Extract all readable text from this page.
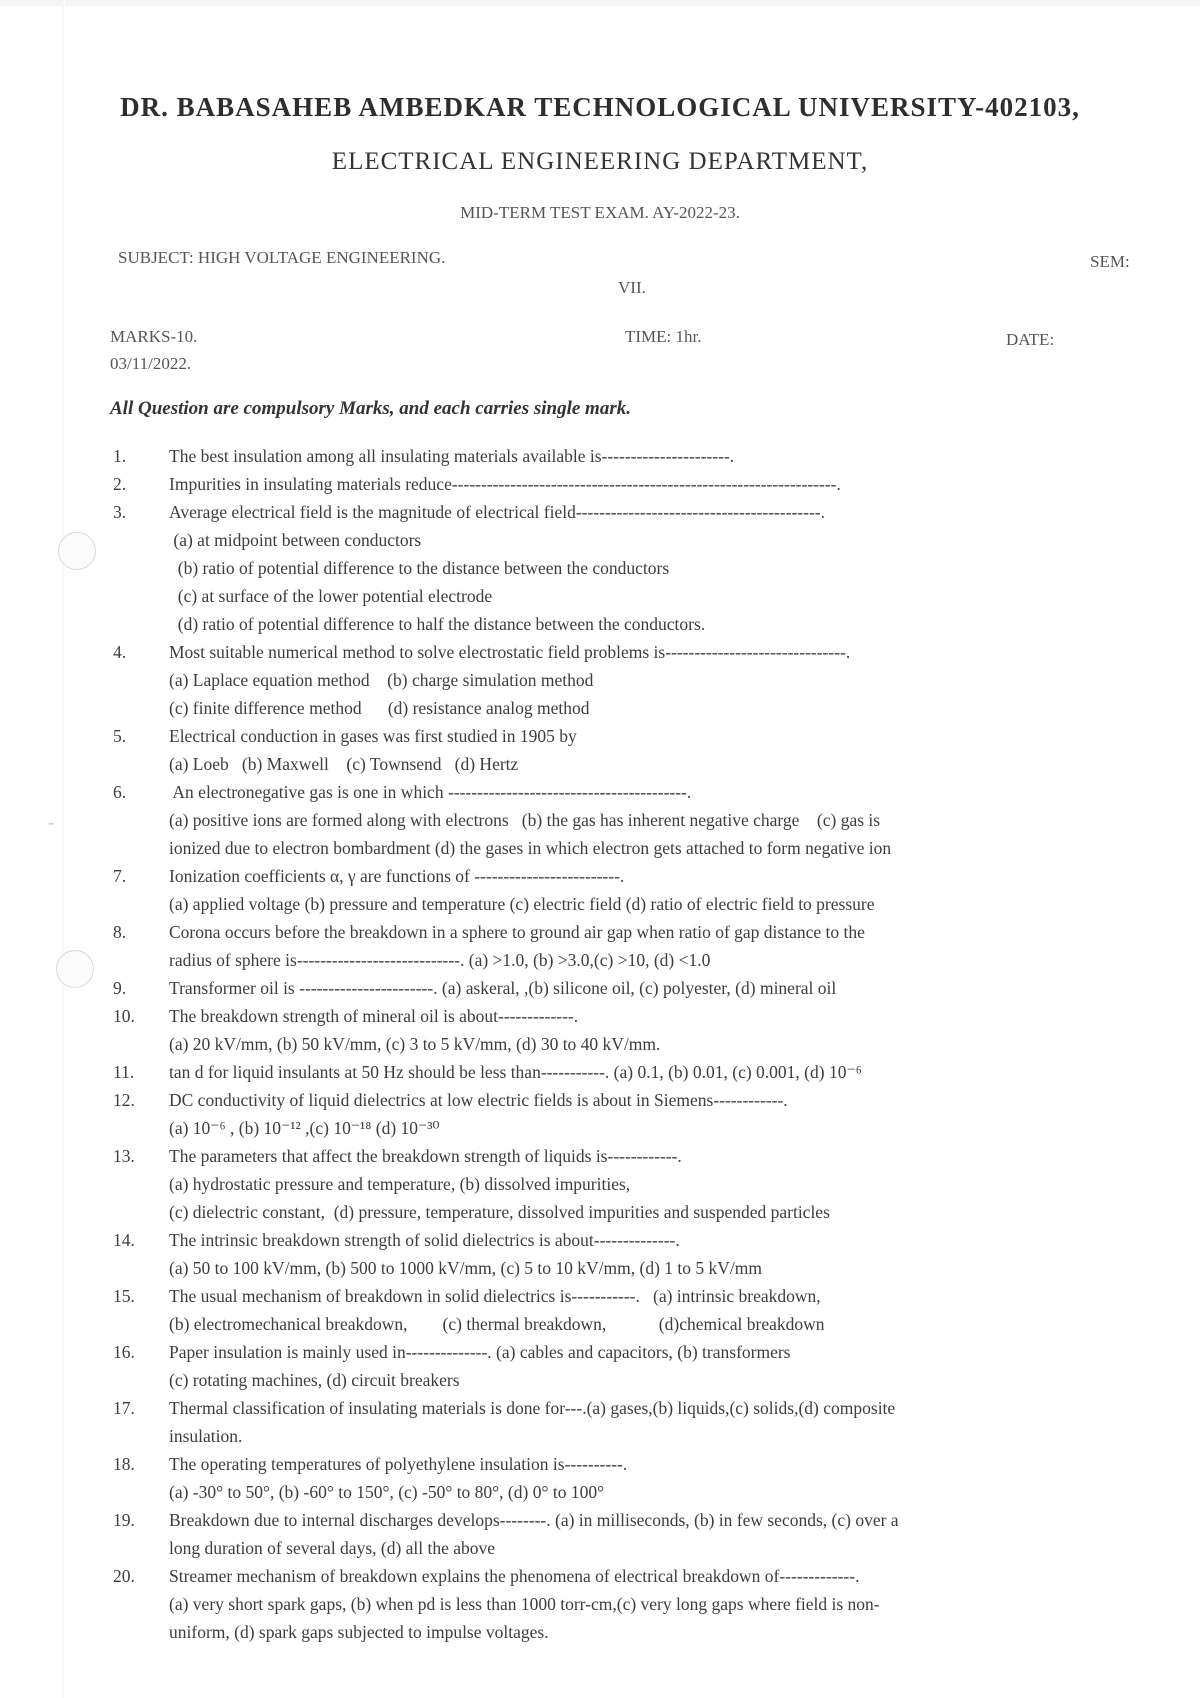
-
DR. BABASAHEB AMBEDKAR TECHNOLOGICAL UNIVERSITY-402103,
ELECTRICAL ENGINEERING DEPARTMENT,
MID-TERM TEST EXAM. AY-2022-23.
SUBJECT: HIGH VOLTAGE ENGINEERING.	SEM:
VII.
MARKS-10.	TIME: 1hr.	DATE:
03/11/2022.
All Question are compulsory Marks, and each carries single mark.
1.	The best insulation among all insulating materials available is----------------------.
2.	Impurities in insulating materials reduce------------------------------------------------------------------.
3.	Average electrical field is the magnitude of electrical field------------------------------------------.
(a) at midpoint between conductors
(b) ratio of potential difference to the distance between the conductors
(c) at surface of the lower potential electrode
(d) ratio of potential difference to half the distance between the conductors.
4.	Most suitable numerical method to solve electrostatic field problems is-------------------------------.
(a) Laplace equation method    (b) charge simulation method
(c) finite difference method      (d) resistance analog method
5.	Electrical conduction in gases was first studied in 1905 by
(a) Loeb   (b) Maxwell    (c) Townsend   (d) Hertz
6.	An electronegative gas is one in which -----------------------------------------.
(a) positive ions are formed along with electrons   (b) the gas has inherent negative charge    (c) gas is
ionized due to electron bombardment (d) the gases in which electron gets attached to form negative ion
7.	Ionization coefficients α, γ are functions of -------------------------.
(a) applied voltage (b) pressure and temperature (c) electric field (d) ratio of electric field to pressure
8.	Corona occurs before the breakdown in a sphere to ground air gap when ratio of gap distance to the
radius of sphere is----------------------------. (a) >1.0, (b) >3.0,(c) >10, (d) <1.0
9.	Transformer oil is -----------------------. (a) askeral, ,(b) silicone oil, (c) polyester, (d) mineral oil
10.	The breakdown strength of mineral oil is about-------------.
(a) 20 kV/mm, (b) 50 kV/mm, (c) 3 to 5 kV/mm, (d) 30 to 40 kV/mm.
11.	tan d for liquid insulants at 50 Hz should be less than-----------. (a) 0.1, (b) 0.01, (c) 0.001, (d) 10⁻⁶
12.	DC conductivity of liquid dielectrics at low electric fields is about in Siemens------------.
(a) 10⁻⁶ , (b) 10⁻¹² ,(c) 10⁻¹⁸ (d) 10⁻³⁰
13.	The parameters that affect the breakdown strength of liquids is------------.
(a) hydrostatic pressure and temperature, (b) dissolved impurities,
(c) dielectric constant,  (d) pressure, temperature, dissolved impurities and suspended particles
14.	The intrinsic breakdown strength of solid dielectrics is about--------------.
(a) 50 to 100 kV/mm, (b) 500 to 1000 kV/mm, (c) 5 to 10 kV/mm, (d) 1 to 5 kV/mm
15.	The usual mechanism of breakdown in solid dielectrics is-----------.   (a) intrinsic breakdown,
(b) electromechanical breakdown,        (c) thermal breakdown,            (d)chemical breakdown
16.	Paper insulation is mainly used in--------------. (a) cables and capacitors, (b) transformers
(c) rotating machines, (d) circuit breakers
17.	Thermal classification of insulating materials is done for---.(a) gases,(b) liquids,(c) solids,(d) composite
insulation.
18.	The operating temperatures of polyethylene insulation is----------.
(a) -30° to 50°, (b) -60° to 150°, (c) -50° to 80°, (d) 0° to 100°
19.	Breakdown due to internal discharges develops--------. (a) in milliseconds, (b) in few seconds, (c) over a
long duration of several days, (d) all the above
20.	Streamer mechanism of breakdown explains the phenomena of electrical breakdown of-------------.
(a) very short spark gaps, (b) when pd is less than 1000 torr-cm,(c) very long gaps where field is non-
uniform, (d) spark gaps subjected to impulse voltages.
